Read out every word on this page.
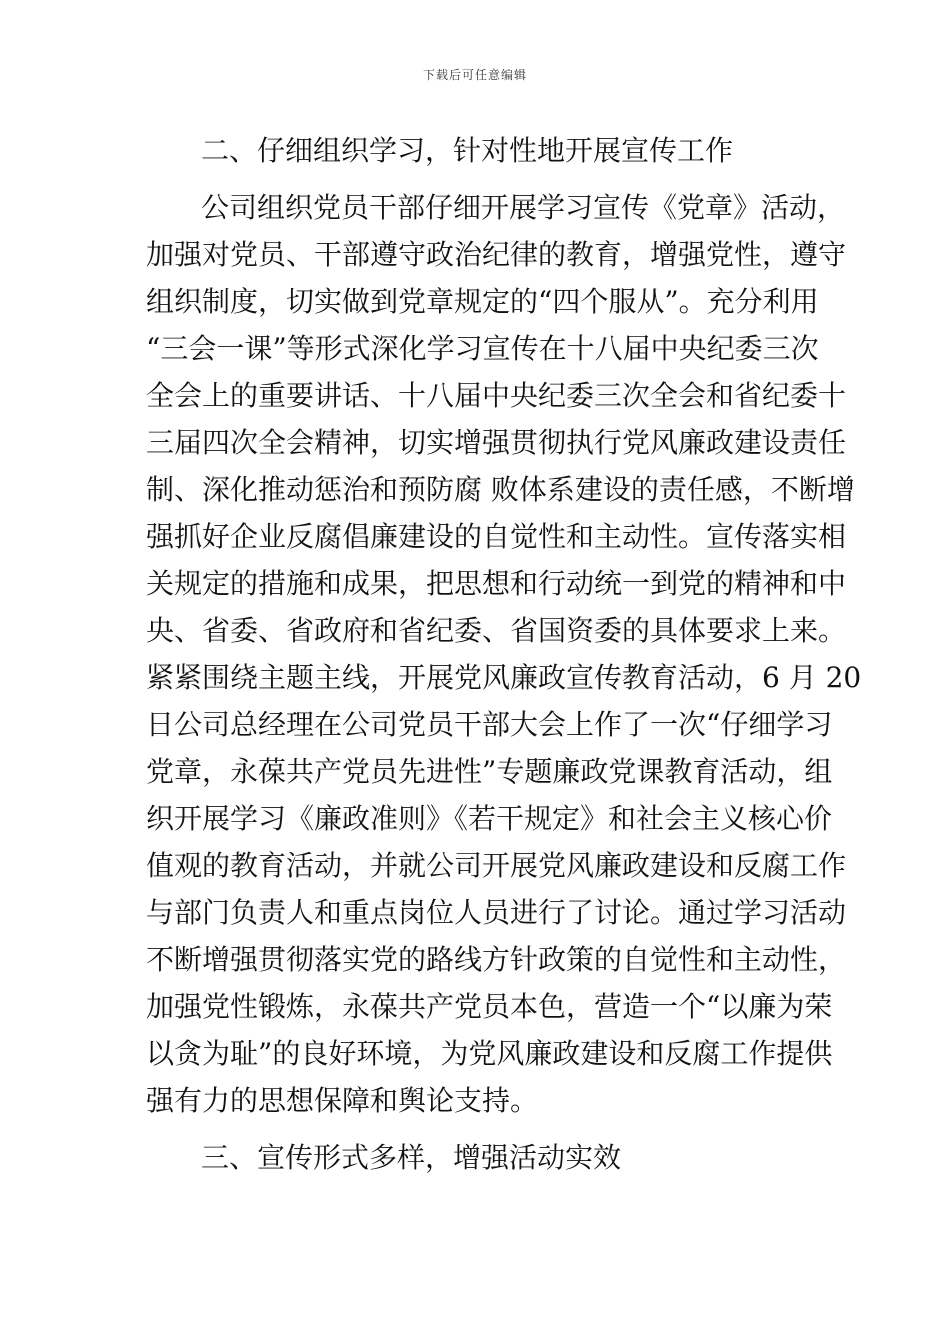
下载后可任意编辑
二、仔细组织学习，针对性地开展宣传工作
公司组织党员干部仔细开展学习宣传《党章》活动，
加强对党员、干部遵守政治纪律的教育，增强党性，遵守
组织制度，切实做到党章规定的“四个服从”。充分利用
“三会一课”等形式深化学习宣传在十八届中央纪委三次
全会上的重要讲话、十八届中央纪委三次全会和省纪委十
三届四次全会精神，切实增强贯彻执行党风廉政建设责任
制、深化推动惩治和预防腐 败体系建设的责任感，不断增
强抓好企业反腐倡廉建设的自觉性和主动性。宣传落实相
关规定的措施和成果，把思想和行动统一到党的精神和中
央、省委、省政府和省纪委、省国资委的具体要求上来。
紧紧围绕主题主线，开展党风廉政宣传教育活动，6 月 20
日公司总经理在公司党员干部大会上作了一次“仔细学习
党章，永葆共产党员先进性”专题廉政党课教育活动，组
织开展学习《廉政准则》《若干规定》和社会主义核心价
值观的教育活动，并就公司开展党风廉政建设和反腐工作
与部门负责人和重点岗位人员进行了讨论。通过学习活动
不断增强贯彻落实党的路线方针政策的自觉性和主动性，
加强党性锻炼，永葆共产党员本色，营造一个“以廉为荣
以贪为耻”的良好环境，为党风廉政建设和反腐工作提供
强有力的思想保障和舆论支持。
三、宣传形式多样，增强活动实效
